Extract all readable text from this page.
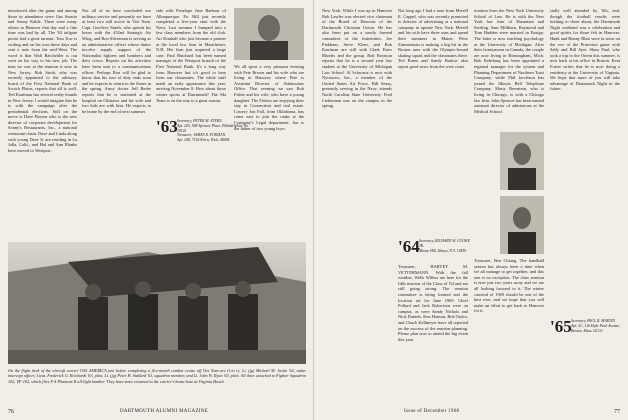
introduced after the game and among those in attendance were Gus Swartz and Sonny Kahle. There were many others in Hanover that day and a fine time was had by all. The '63 tailgate picnic had a great turnout. Tom Tow is writing and on his own these days and sent a note from the mid-West. The word is that Walt Batchelder is out west on his way to his new job. The man we saw at the reunion is now in New Jersey. Bob Stroh, who was recently appointed to the advisory board of the First National Bank of Scotch Plains, reports that all is well. Ted Kaufman has several realty brands in New Jersey. I would imagine that he is with the campaign after the presidential elections. Still on the move is Dave Bowen who is the new director of corporate development for Sonny's Restaurants, Inc., a national restaurant chain. Dave and Linda along with young Dave Jr. are residing in La Jolla, Calif., and Hal and Ann Blanks have moved to Westport.

Not all of us have concluded our military service and presently we have at least two still active in Viet Nam. Capt. Geoffrey Smith, who spends his hours with the 452nd Strategic Air Wing, and Ron Silverman is serving as an administrative officer whose duties involve supply support of the Nationalist fighters and bombers and their crews. Reports on his activities have been sent to a communications officer. Perhaps Ron will be glad to know that his tour of duty ends soon and he expects to return to the States in the spring. Army doctor Jeff Reder reports that he is stationed at the hospital on Okinawa and his wife and two kids are with him. He expects to be home by the end of next summer.

side with Penelope Jane Barbour of Albuquerque. Pa. Bill just recently completed a five-year stint with the Navy. Last summer I bumped into a few class members from the old club. Art Kimball who just became a partner at the local law firm in Manchester, N.H. His firm just acquired a large case. Paul Butchard has been named manager of the Westport branch of the First National Bank. It's a long way from Hanover but it's good to hear from our classmates. The white stuff made an early appearance this year, arriving November 8. How about those winter sports at Dartmouth? The Ski Team is on the way to a great season.

'63 Secretary, PETER M. STERN
Apt. 205, 908 Spencer Place, Philadelphia, Pa. 19141
Treasurer, JAMES R. FORMAN
Apt. 208, 7136 Kirra, Wick, 48084

We all sport a very pleasant evening with Pete Brown and his wife who are living in Hanover, where Pete is Assistant Director of Admissions Office. That evening we saw Bob Fisher and his wife, who have a young daughter. The Fishers are enjoying their stay in Connecticut and real estate. Lowery Jon Fall, from Oklahoma, has come east to join the ranks at the Company's Legal department. Jon is the father of two young boys.

On the flight deck of the aircraft carrier USS AMERICA just before completing a five-month combat cruise off Viet Nam are (l to r): Lt. (jg) Michael M. Joslin '62, radar intercept officer, Lieut. Frederick G. Reichardt '63, pilot, Lt. (jg) Peter H. Stallard '61, squadron member, and Lt. John W. Ryan '63, pilot. All three attached to Fighter Squadron 102, VF-102, which flies F-4 Phantom II all-light bomber. They have since returned to the carrier's home base at Virginia Beach.
76	DARTMOUTH ALUMNI MAGAZINE

New York. While I was up in Hanover Bob Lawler was elected vice chairman of the Board of Deacons of the Dartmouth Christian Union. He has also been put on a newly formed committee of the fraternities. Joe Pinkham, Steve Klem, and Bob Kaufman are still with Clark Estes Rhodes and the group. Bob Boynton reports that he is a second year law student at the University of Michigan Law School. Al Schwartz is now with Nytronics, Inc., a member of the United States Air Force. Bill Seasy, presently serving in the Navy, attends North Carolina State University. Fred Lieberman was on the campus in the spring.

Not long ago I had a note from Merrill E. Cappel, who was recently promoted to director of advertising at a national company in upstate New York. Merrill and his wife have three sons and spend their summers in Maine. Peter Zimmerman is making a big hit in the Boston area with the Olympic-bound skating squad and the classmates there. Ted Burns and Sandy Barlow also report good news from the west coast.

'64 Secretary, RICHARD W. COOKE JR.
Moose Hill, Ithaca, N.Y. 13850

Treasurer, HARVEY M. VETTERMANN. With the fall weather, Wells Wilbur are here for the fifth reunion of the Class of '64 and are still going strong. The reunion committee is being formed and the location set for June 1969. Chief Pollard and Jack Robertson were on campus, as were Sandy Nichols and Nick Daniels. Ken Hanson, Bob Taylor, and Chuck Kellmeyer have all reported on the success of the reunion planning. Please plan now to attend the big event this year.

tiontion from the New York University School of Law. He is with the New York law firm of Shearman and Sterling. Sam Millhorn, Raymond and Tom Hadden were married in Ensign. The latter is now teaching psychology at the University of Michigan. After their honeymoon in Canada, the couple are now living in Birmingham, Mich. Bob Kehrburg has been appointed a regional manager for the system and Planning Department of Northern Trust Company, while Phil Jacobson has joined the Illinois Bell Telephone Company. Marty Bernstein, who is living in Chicago, is with a Chicago law firm. John Spencer has been named assistant director of admissions at the Medical School.

Treasurer, Ben Chiang. The handball season has always been a time when we all manage to get together, and this one is no exception. The class reunion is now just two years away and we are all looking forward to it. The winter carnival of 1969 should be one of the best ever, and we hope that you will make an effort to get back to Hanover for it.

stally well attended by '65s, and, though the football results were nothing to cheer about, the Dartmouth Night weekend was a celebration and good spirits for those felt in Hanover. Hank and Bunny Blair were in town on the eve of the Princeton game with Sally and Bill Ayer. Shaw Paul, who took a trip to the Orient this summer, is now back at his office in Boston. Kent Foster writes that he is now doing a residency at the University of Virginia. We hope that more of you will take advantage of Dartmouth Night in the future.

'65 Secretary, PAUL R. MARTIN
Apt. 2C, 116 Hyde Park Avenue, Boston, Mass. 02131
Issue of December 1968	77
